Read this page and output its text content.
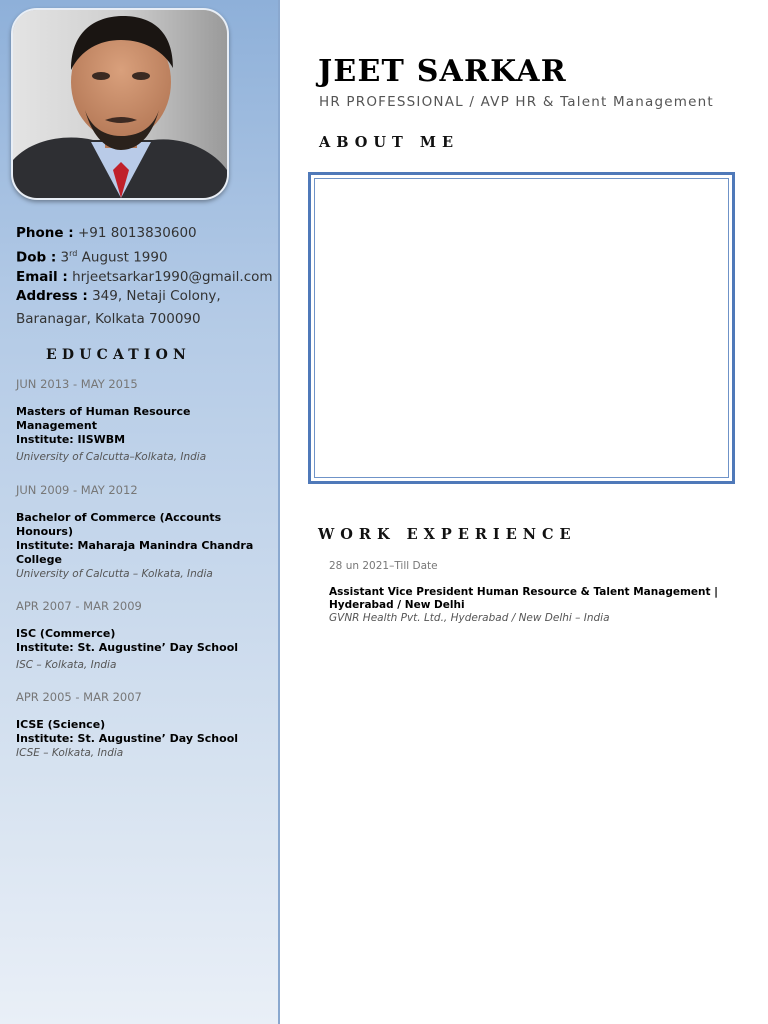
Phone : +91 8013830600
Dob : 3rd August 1990
Email : hrjeetsarkar1990@gmail.com
Address : 349, Netaji Colony,
Baranagar, Kolkata 700090
EDUCATION
JUN 2013 - MAY 2015
Masters of Human Resource Management
Institute: IISWBM
University of Calcutta–Kolkata, India
JUN 2009 - MAY 2012
Bachelor of Commerce (Accounts Honours)
Institute: Maharaja Manindra Chandra College
University of Calcutta – Kolkata, India
APR 2007 - MAR 2009
ISC (Commerce)
Institute: St. Augustine’ Day School
ISC – Kolkata, India
APR 2005 - MAR 2007
ICSE (Science)
Institute: St. Augustine’ Day School
ICSE – Kolkata, India
JEET SARKAR
HR PROFESSIONAL / AVP HR & Talent Management
ABOUT ME
WORK EXPERIENCE
28 un 2021–Till Date
Assistant Vice President Human Resource & Talent Management | Hyderabad / New Delhi
GVNR Health Pvt. Ltd., Hyderabad / New Delhi – India
